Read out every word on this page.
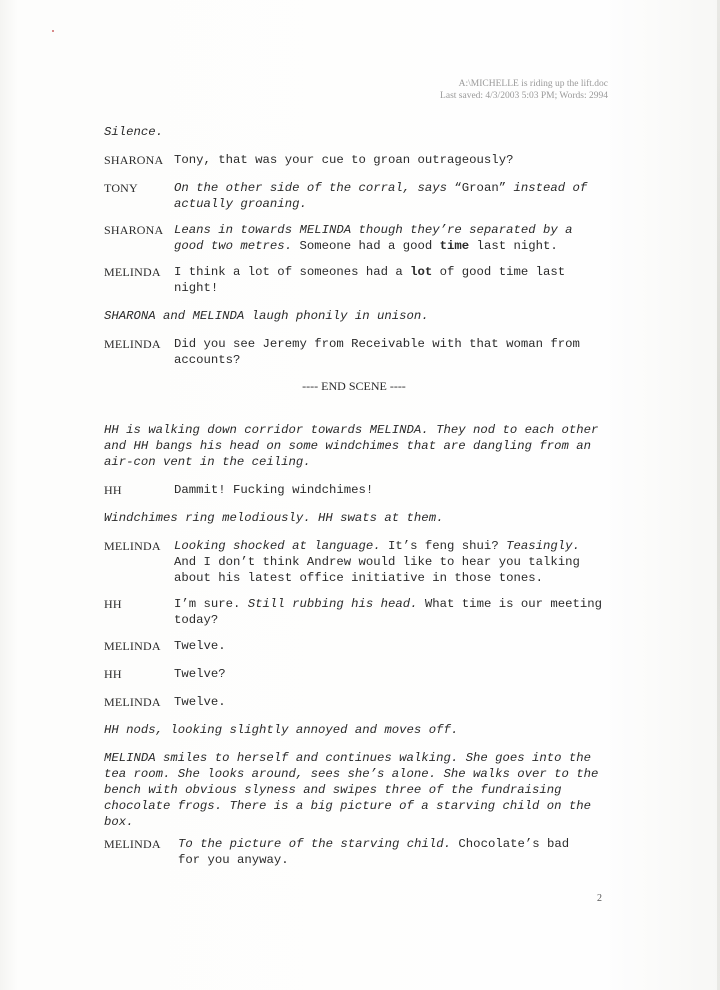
A:\MICHELLE is riding up the lift.doc
Last saved: 4/3/2003 5:03 PM; Words: 2994
Silence.
SHARONA Tony, that was your cue to groan outrageously?
TONY	On the other side of the corral, says “Groan” instead of actually groaning.
SHARONA Leans in towards MELINDA though they’re separated by a good two metres. Someone had a good time last night.
MELINDA I think a lot of someones had a lot of good time last night!
SHARONA and MELINDA laugh phonily in unison.
MELINDA Did you see Jeremy from Receivable with that woman from accounts?
---- END SCENE ----
HH is walking down corridor towards MELINDA. They nod to each other and HH bangs his head on some windchimes that are dangling from an air-con vent in the ceiling.
HH	Dammit! Fucking windchimes!
Windchimes ring melodiously. HH swats at them.
MELINDA Looking shocked at language. It’s feng shui? Teasingly. And I don’t think Andrew would like to hear you talking about his latest office initiative in those tones.
HH	I’m sure. Still rubbing his head. What time is our meeting today?
MELINDA Twelve.
HH	Twelve?
MELINDA Twelve.
HH nods, looking slightly annoyed and moves off.
MELINDA smiles to herself and continues walking. She goes into the tea room. She looks around, sees she’s alone. She walks over to the bench with obvious slyness and swipes three of the fundraising chocolate frogs. There is a big picture of a starving child on the box.
MELINDA To the picture of the starving child. Chocolate’s bad for you anyway.
2
